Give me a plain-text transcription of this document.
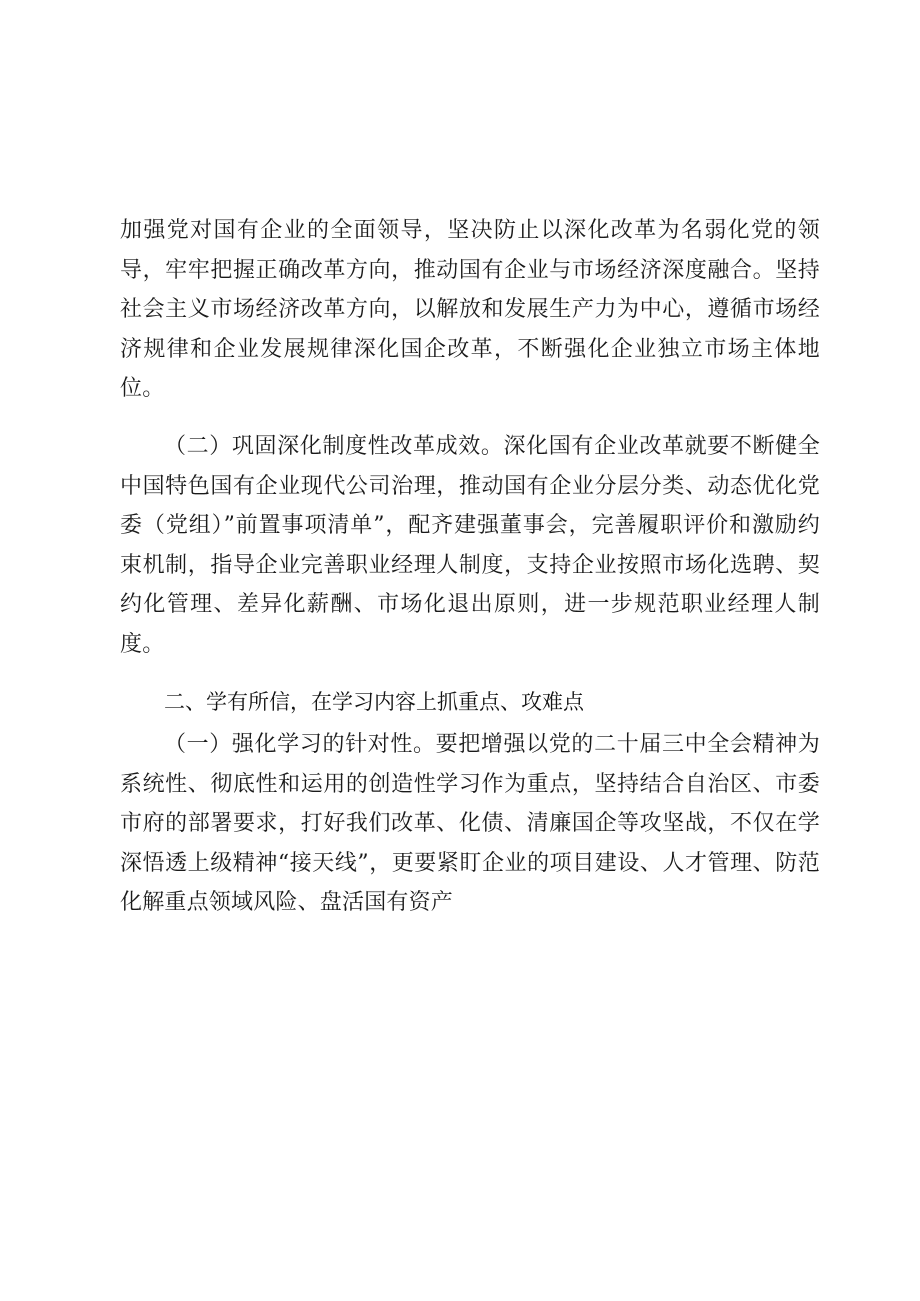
加强党对国有企业的全面领导，坚决防止以深化改革为名弱化党的领导，牢牢把握正确改革方向，推动国有企业与市场经济深度融合。坚持社会主义市场经济改革方向，以解放和发展生产力为中心，遵循市场经济规律和企业发展规律深化国企改革，不断强化企业独立市场主体地位。

（二）巩固深化制度性改革成效。深化国有企业改革就要不断健全中国特色国有企业现代公司治理，推动国有企业分层分类、动态优化党委（党组）”前置事项清单”，配齐建强董事会，完善履职评价和激励约束机制，指导企业完善职业经理人制度，支持企业按照市场化选聘、契约化管理、差异化薪酬、市场化退出原则，进一步规范职业经理人制度。

二、学有所信，在学习内容上抓重点、攻难点

（一）强化学习的针对性。要把增强以党的二十届三中全会精神为系统性、彻底性和运用的创造性学习作为重点，坚持结合自治区、市委市府的部署要求，打好我们改革、化债、清廉国企等攻坚战，不仅在学深悟透上级精神“接天线”，更要紧盯企业的项目建设、人才管理、防范化解重点领域风险、盘活国有资产
